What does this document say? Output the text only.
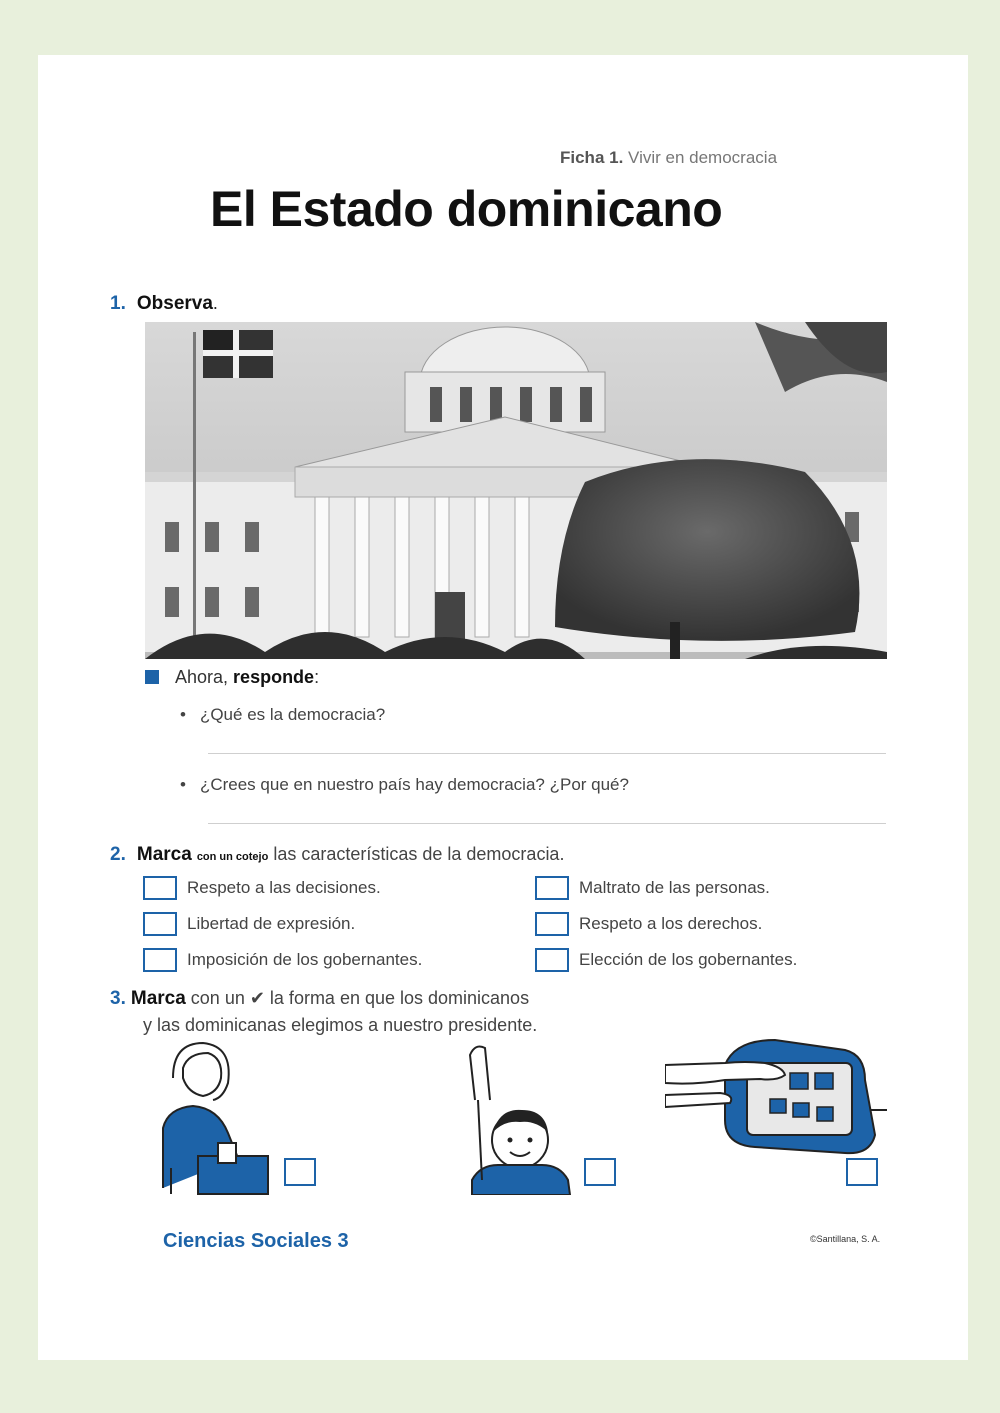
Ficha 1. Vivir en democracia
El Estado dominicano
1. Observa.
Ahora, responde:
• ¿Qué es la democracia?
• ¿Crees que en nuestro país hay democracia? ¿Por qué?
2. Marca con un cotejo las características de la democracia.
Respeto a las decisiones.
Libertad de expresión.
Imposición de los gobernantes.
Maltrato de las personas.
Respeto a los derechos.
Elección de los gobernantes.
3. Marca con un ✔ la forma en que los dominicanos
y las dominicanas elegimos a nuestro presidente.
Ciencias Sociales 3	©Santillana, S. A.
